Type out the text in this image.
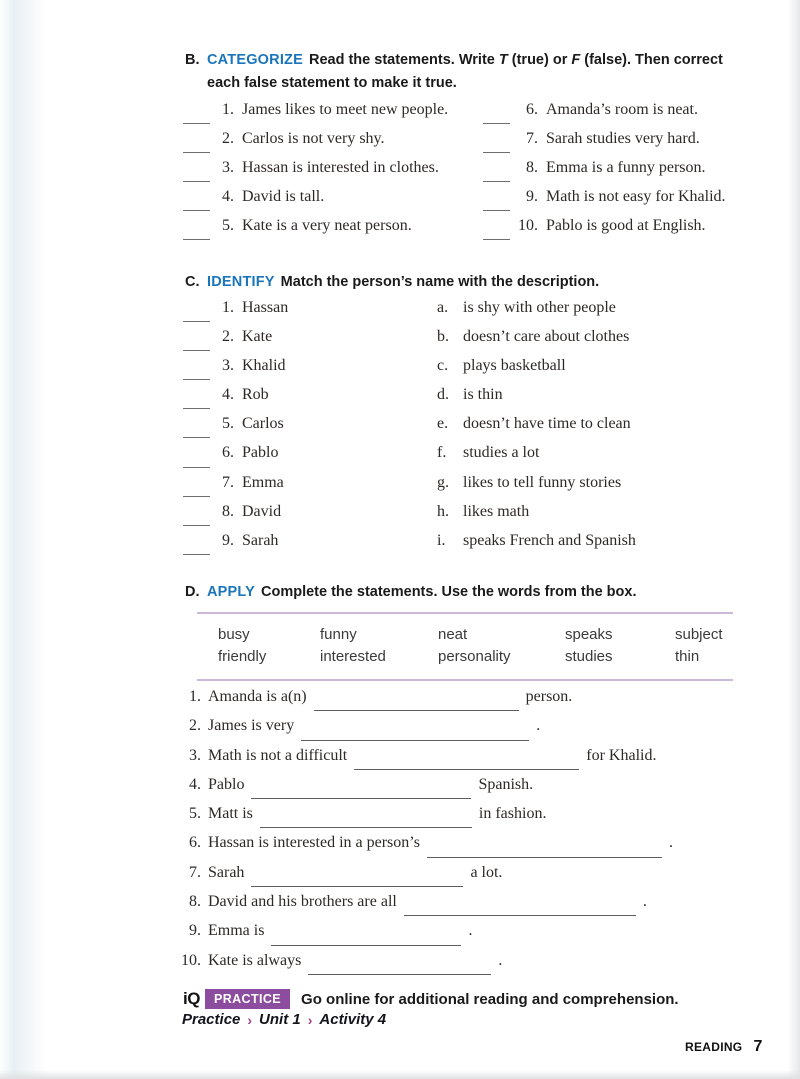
B. CATEGORIZE Read the statements. Write T (true) or F (false). Then correct each false statement to make it true.

1. James likes to meet new people.
2. Carlos is not very shy.
3. Hassan is interested in clothes.
4. David is tall.
5. Kate is a very neat person.
6. Amanda’s room is neat.
7. Sarah studies very hard.
8. Emma is a funny person.
9. Math is not easy for Khalid.
10. Pablo is good at English.
C. IDENTIFY Match the person’s name with the description.

1. Hassan	a. is shy with other people
2. Kate	b. doesn’t care about clothes
3. Khalid	c. plays basketball
4. Rob	d. is thin
5. Carlos	e. doesn’t have time to clean
6. Pablo	f.	studies a lot
7. Emma	g. likes to tell funny stories
8. David	h. likes math
9. Sarah	i.	speaks French and Spanish
D. APPLY Complete the statements. Use the words from the box.

busy	funny	neat	speaks	subject
friendly	interested	personality	studies	thin
1. Amanda is a(n)	person.
2. James is very	.
3. Math is not a difficult	for Khalid.
4. Pablo	Spanish.
5. Matt is	in fashion.
6. Hassan is interested in a person’s	.
7. Sarah	a lot.
8. David and his brothers are all	.
9. Emma is	.
10. Kate is always	.
iQ	PRACTICE	Go online for additional reading and comprehension.
Practice › Unit 1 › Activity 4
READING 7
